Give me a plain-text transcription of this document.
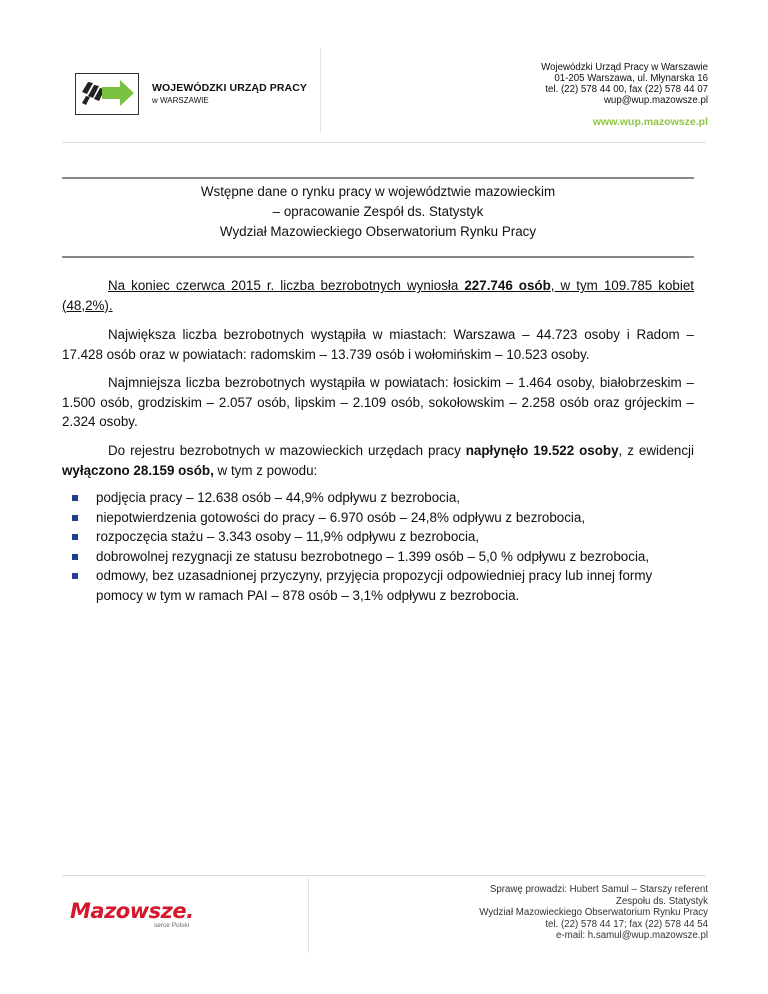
WOJEWÓDZKI URZĄD PRACY
w WARSZAWIE
Wojewódzki Urząd Pracy w Warszawie
01-205 Warszawa, ul. Młynarska 16
tel. (22) 578 44 00, fax (22) 578 44 07
wup@wup.mazowsze.pl
www.wup.mazowsze.pl
Wstępne dane o rynku pracy w województwie mazowieckim
– opracowanie Zespół ds. Statystyk
Wydział Mazowieckiego Obserwatorium Rynku Pracy
Na koniec czerwca 2015 r. liczba bezrobotnych wyniosła 227.746 osób, w tym 109.785 kobiet (48,2%).
Największa liczba bezrobotnych wystąpiła w miastach: Warszawa – 44.723 osoby i Radom – 17.428 osób oraz w powiatach: radomskim – 13.739 osób i wołomińskim – 10.523 osoby.
Najmniejsza liczba bezrobotnych wystąpiła w powiatach: łosickim – 1.464 osoby, białobrzeskim – 1.500 osób, grodziskim – 2.057 osób, lipskim – 2.109 osób, sokołowskim – 2.258 osób oraz grójeckim – 2.324 osoby.
Do rejestru bezrobotnych w mazowieckich urzędach pracy napłynęło 19.522 osoby, z ewidencji wyłączono 28.159 osób, w tym z powodu:
podjęcia pracy – 12.638 osób – 44,9% odpływu z bezrobocia,
niepotwierdzenia gotowości do pracy – 6.970 osób – 24,8% odpływu z bezrobocia,
rozpoczęcia stażu – 3.343 osoby – 11,9% odpływu z bezrobocia,
dobrowolnej rezygnacji ze statusu bezrobotnego – 1.399 osób – 5,0 % odpływu z bezrobocia,
odmowy, bez uzasadnionej przyczyny, przyjęcia propozycji odpowiedniej pracy lub innej formy pomocy w tym w ramach PAI – 878 osób – 3,1% odpływu z bezrobocia.
Mazowsze.
serce Polski
Sprawę prowadzi: Hubert Samul – Starszy referent
Zespołu ds. Statystyk
Wydział Mazowieckiego Obserwatorium Rynku Pracy
tel. (22) 578 44 17; fax (22) 578 44 54
e-mail: h.samul@wup.mazowsze.pl
